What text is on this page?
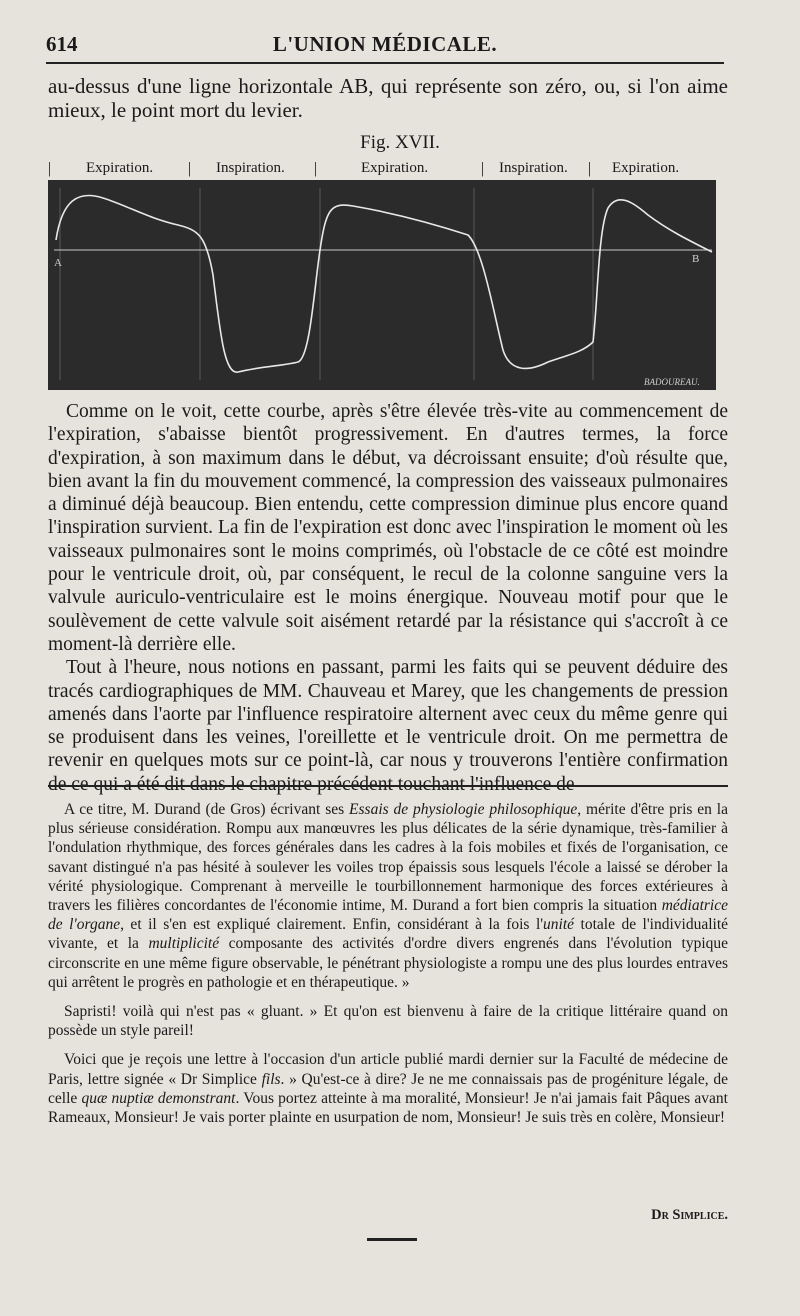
614	L'UNION MÉDICALE.
au-dessus d'une ligne horizontale AB, qui représente son zéro, ou, si l'on aime mieux, le point mort du levier.
Fig. XVII.
| Expiration. | Inspiration. |	Expiration.	| Inspiration. | Expiration.
A	B
BADOUREAU.

Comme on le voit, cette courbe, après s'être élevée très-vite au commencement de l'expiration, s'abaisse bientôt progressivement. En d'autres termes, la force d'expiration, à son maximum dans le début, va décroissant ensuite; d'où résulte que, bien avant la fin du mouvement commencé, la compression des vaisseaux pulmonaires a diminué déjà beaucoup. Bien entendu, cette compression diminue plus encore quand l'inspiration survient. La fin de l'expiration est donc avec l'inspiration le moment où les vaisseaux pulmonaires sont le moins comprimés, où l'obstacle de ce côté est moindre pour le ventricule droit, où, par conséquent, le recul de la colonne sanguine vers la valvule auriculo-ventriculaire est le moins énergique. Nouveau motif pour que le soulèvement de cette valvule soit aisément retardé par la résistance qui s'accroît à ce moment-là derrière elle.

Tout à l'heure, nous notions en passant, parmi les faits qui se peuvent déduire des tracés cardiographiques de MM. Chauveau et Marey, que les changements de pression amenés dans l'aorte par l'influence respiratoire alternent avec ceux du même genre qui se produisent dans les veines, l'oreillette et le ventricule droit. On me permettra de revenir en quelques mots sur ce point-là, car nous y trouverons l'entière confirmation

A ce titre, M. Durand (de Gros) écrivant ses Essais de physiologie philosophique, mérite d'être pris en la plus sérieuse considération. Rompu aux manœuvres les plus délicates de la série dynamique, très-familier à l'ondulation rhythmique, des forces générales dans les cadres à la fois mobiles et fixés de l'organisation, ce savant distingué n'a pas hésité à soulever les voiles trop épaissis sous lesquels l'école a laissé se dérober la vérité physiologique. Comprenant à merveille le tourbillonnement harmonique des forces extérieures à travers les filières concordantes de l'économie intime, M. Durand a fort bien compris la situation médiatrice de l'organe, et il s'en est expliqué clairement. Enfin, considérant à la fois l'unité totale de l'individualité vivante, et la multiplicité composante des activités d'ordre divers engrenés dans l'évolution typique circonscrite en une même figure observable, le pénétrant physiologiste a rompu une des plus lourdes entraves qui arrêtent le progrès en pathologie et en thérapeutique. »

Sapristi! voilà qui n'est pas « gluant. » Et qu'on est bienvenu à faire de la critique littéraire quand on possède un style pareil!

Voici que je reçois une lettre à l'occasion d'un article publié mardi dernier sur la Faculté de médecine de Paris, lettre signée « Dr Simplice fils. » Qu'est-ce à dire? Je ne me connaissais pas de progéniture légale, de celle quæ nuptiæ demonstrant. Vous portez atteinte à ma moralité, Monsieur! Je n'ai jamais fait Pâques avant Rameaux, Monsieur! Je vais porter plainte en usurpation de nom, Monsieur! Je suis très en colère, Monsieur!

Dr Simplice.
